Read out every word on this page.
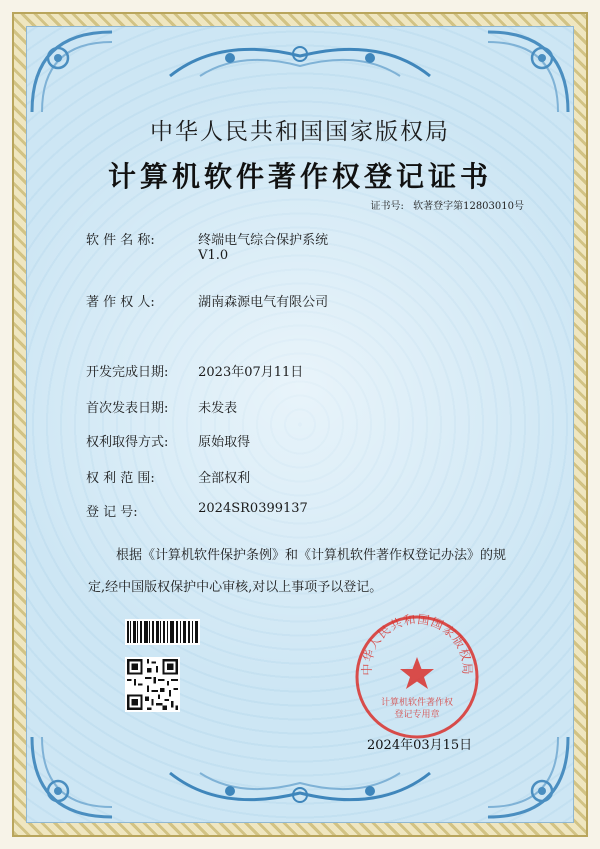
中华人民共和国国家版权局
计算机软件著作权登记证书
证书号: 软著登字第12803010号
软 件 名 称:	终端电气综合保护系统
V1.0
著 作 权 人:	湖南森源电气有限公司
开发完成日期: 2023年07月11日
首次发表日期: 未发表
权利取得方式: 原始取得
权 利 范 围:	全部权利
登 记 号:	2024SR0399137
根据《计算机软件保护条例》和《计算机软件著作权登记办法》的规定,经中国版权保护中心审核,对以上事项予以登记。
中华人民共和国国家版权局
计算机软件著作权
登记专用章
2024年03月15日
